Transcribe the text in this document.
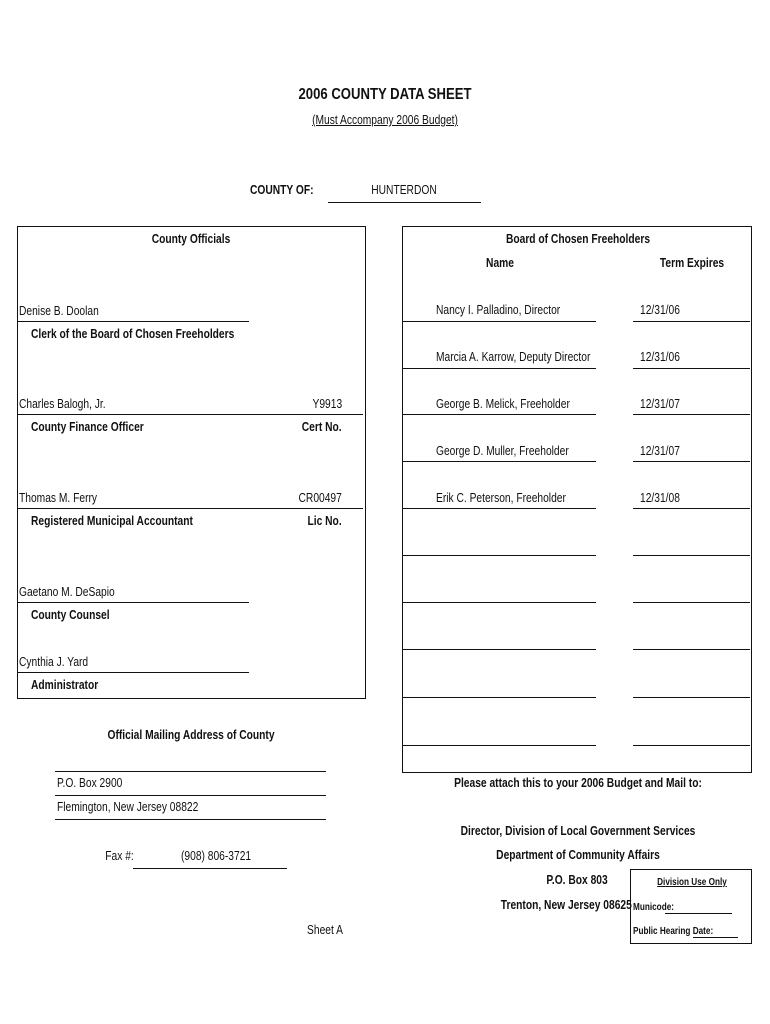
2006 COUNTY DATA SHEET
(Must Accompany 2006 Budget)
COUNTY OF:	HUNTERDON
County Officials
Denise B. Doolan
Clerk of the Board of Chosen Freeholders
Charles Balogh, Jr.	Y9913
County Finance Officer	Cert No.
Thomas M. Ferry	CR00497
Registered Municipal Accountant	Lic No.
Gaetano M. DeSapio
County Counsel
Cynthia J. Yard
Administrator
Board of Chosen Freeholders
Name	Term Expires
Nancy I. Palladino, Director	12/31/06
Marcia A. Karrow, Deputy Director	12/31/06
George B. Melick, Freeholder	12/31/07
George D. Muller, Freeholder	12/31/07
Erik C. Peterson, Freeholder	12/31/08
Official Mailing Address of County
P.O. Box 2900
Flemington, New Jersey 08822
Fax #:	(908) 806-3721
Please attach this to your 2006 Budget and Mail to:
Director, Division of Local Government Services
Department of Community Affairs
P.O. Box 803
Trenton, New Jersey 08625
Division Use Only
Municode:
Public Hearing Date:
Sheet A
